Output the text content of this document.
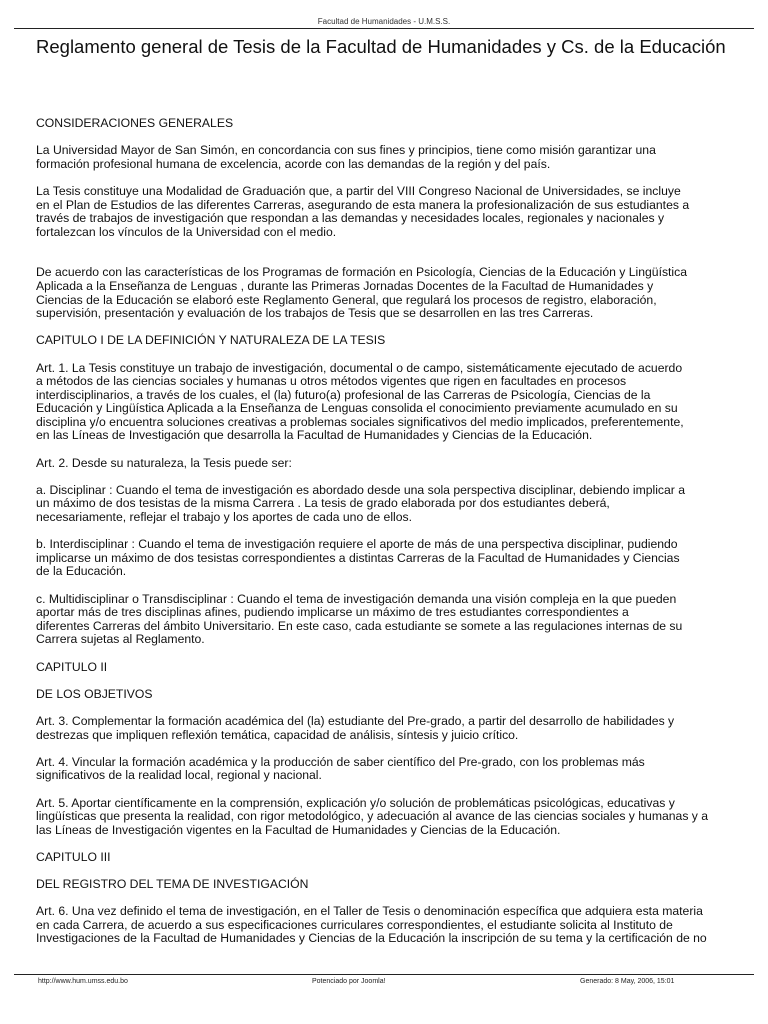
Facultad de Humanidades - U.M.S.S.
Reglamento general de Tesis de la Facultad de Humanidades y Cs. de la Educación

CONSIDERACIONES GENERALES

La Universidad Mayor de San Simón, en concordancia con sus fines y principios, tiene como misión garantizar una
formación profesional humana de excelencia, acorde con las demandas de la región y del país.

La Tesis constituye una Modalidad de Graduación que, a partir del VIII Congreso Nacional de Universidades, se incluye
en el Plan de Estudios de las diferentes Carreras, asegurando de esta manera la profesionalización de sus estudiantes a
través de trabajos de investigación que respondan a las demandas y necesidades locales, regionales y nacionales y
fortalezcan los vínculos de la Universidad con el medio.

De acuerdo con las características de los Programas de formación en Psicología, Ciencias de la Educación y Lingüística
Aplicada a la Enseñanza de Lenguas , durante las Primeras Jornadas Docentes de la Facultad de Humanidades y
Ciencias de la Educación se elaboró este Reglamento General, que regulará los procesos de registro, elaboración,
supervisión, presentación y evaluación de los trabajos de Tesis que se desarrollen en las tres Carreras.

CAPITULO I DE LA DEFINICIÓN Y NATURALEZA DE LA TESIS

Art. 1. La Tesis constituye un trabajo de investigación, documental o de campo, sistemáticamente ejecutado de acuerdo
a métodos de las ciencias sociales y humanas u otros métodos vigentes que rigen en facultades en procesos
interdisciplinarios, a través de los cuales, el (la) futuro(a) profesional de las Carreras de Psicología, Ciencias de la
Educación y Lingüística Aplicada a la Enseñanza de Lenguas consolida el conocimiento previamente acumulado en su
disciplina y/o encuentra soluciones creativas a problemas sociales significativos del medio implicados, preferentemente,
en las Líneas de Investigación que desarrolla la Facultad de Humanidades y Ciencias de la Educación.

Art. 2. Desde su naturaleza, la Tesis puede ser:

a. Disciplinar : Cuando el tema de investigación es abordado desde una sola perspectiva disciplinar, debiendo implicar a
un máximo de dos tesistas de la misma Carrera . La tesis de grado elaborada por dos estudiantes deberá,
necesariamente, reflejar el trabajo y los aportes de cada uno de ellos.

b. Interdisciplinar : Cuando el tema de investigación requiere el aporte de más de una perspectiva disciplinar, pudiendo
implicarse un máximo de dos tesistas correspondientes a distintas Carreras de la Facultad de Humanidades y Ciencias
de la Educación.

c. Multidisciplinar o Transdisciplinar : Cuando el tema de investigación demanda una visión compleja en la que pueden
aportar más de tres disciplinas afines, pudiendo implicarse un máximo de tres estudiantes correspondientes a
diferentes Carreras del ámbito Universitario. En este caso, cada estudiante se somete a las regulaciones internas de su
Carrera sujetas al Reglamento.

CAPITULO II

DE LOS OBJETIVOS

Art. 3. Complementar la formación académica del (la) estudiante del Pre-grado, a partir del desarrollo de habilidades y
destrezas que impliquen reflexión temática, capacidad de análisis, síntesis y juicio crítico.

Art. 4. Vincular la formación académica y la producción de saber científico del Pre-grado, con los problemas más
significativos de la realidad local, regional y nacional.

Art. 5. Aportar científicamente en la comprensión, explicación y/o solución de problemáticas psicológicas, educativas y
lingüísticas que presenta la realidad, con rigor metodológico, y adecuación al avance de las ciencias sociales y humanas y a
las Líneas de Investigación vigentes en la Facultad de Humanidades y Ciencias de la Educación.

CAPITULO III

DEL REGISTRO DEL TEMA DE INVESTIGACIÓN

Art. 6. Una vez definido el tema de investigación, en el Taller de Tesis o denominación específica que adquiera esta materia
en cada Carrera, de acuerdo a sus especificaciones curriculares correspondientes, el estudiante solicita al Instituto de
Investigaciones de la Facultad de Humanidades y Ciencias de la Educación la inscripción de su tema y la certificación de no

http://www.hum.umss.edu.bo	Potenciado por Joomla!	Generado: 8 May, 2006, 15:01
